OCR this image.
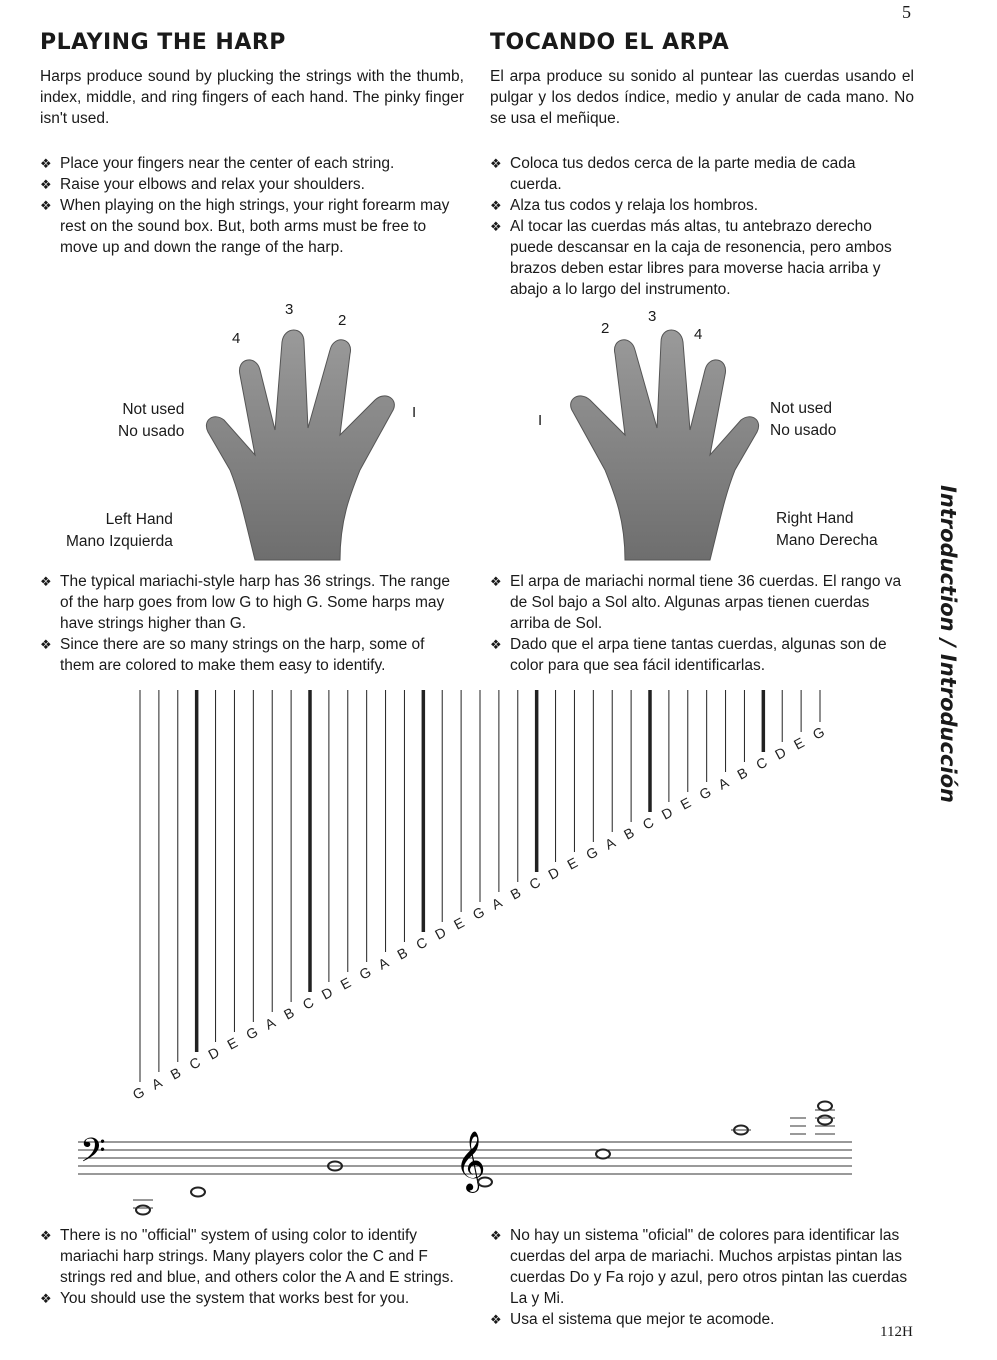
5
PLAYING THE HARP

Harps produce sound by plucking the strings with the thumb, index, middle, and ring fingers of each hand. The pinky finger isn't used.

❖ Place your fingers near the center of each string.
❖ Raise your elbows and relax your shoulders.
❖ When playing on the high strings, your right forearm may rest on the sound box. But, both arms must be free to move up and down the range of the harp.
❖ The typical mariachi-style harp has 36 strings. The range of the harp goes from low G to high G. Some harps may have strings higher than G.
❖ Since there are so many strings on the harp, some of them are colored to make them easy to identify.
❖ There is no "official" system of using color to identify mariachi harp strings. Many players color the C and F strings red and blue, and others color the A and E strings.
❖ You should use the system that works best for you.
TOCANDO EL ARPA

El arpa produce su sonido al puntear las cuerdas usando el pulgar y los dedos índice, medio y anular de cada mano. No se usa el meñique.

❖ Coloca tus dedos cerca de la parte media de cada cuerda.
❖ Alza tus codos y relaja los hombros.
❖ Al tocar las cuerdas más altas, tu antebrazo derecho puede descansar en la caja de resonencia, pero ambos brazos deben estar libres para moverse hacia arriba y abajo a lo largo del instrumento.
❖ El arpa de mariachi normal tiene 36 cuerdas. El rango va de Sol bajo a Sol alto. Algunas arpas tienen cuerdas arriba de Sol.
❖ Dado que el arpa tiene tantas cuerdas, algunas son de color para que sea fácil identificarlas.
❖ No hay un sistema "oficial" de colores para identificar las cuerdas del arpa de mariachi. Muchos arpistas pintan las cuerdas Do y Fa rojo y azul, pero otros pintan las cuerdas La y Mi.
❖ Usa el sistema que mejor te acomode.
Not used
No usado
Left Hand
Mano Izquierda
4
3
2
I	Not used
No usado
Right Hand
Mano Derecha
2
3
4
I
G
A
B
C
D
E
G
A
B
C
D
E
G
A
B
C
D
E
G
A
B
C
D
E
G
A
B
C
D
E
G
A
B
C
D
E
G
𝄢	𝄞
Introduction / Introducción
112H
